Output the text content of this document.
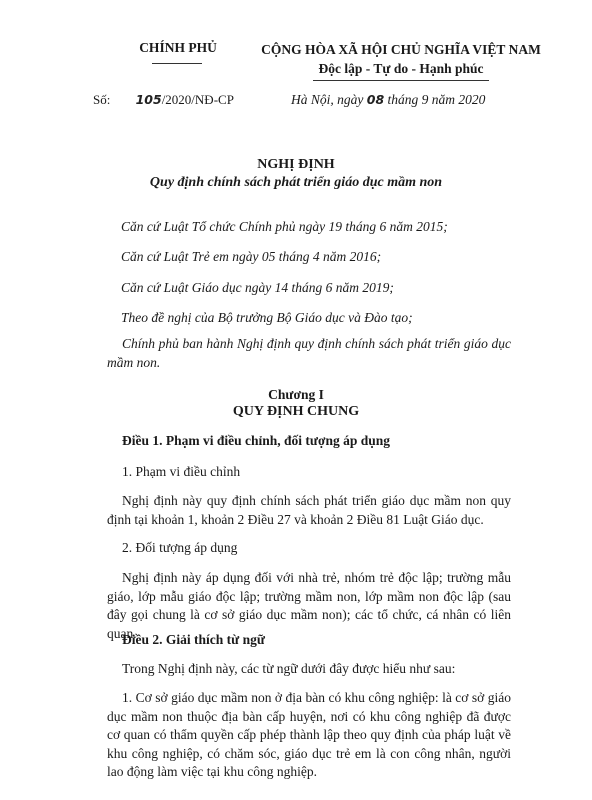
CHÍNH PHỦ	CỘNG HÒA XÃ HỘI CHỦ NGHĨA VIỆT NAM
Độc lập - Tự do - Hạnh phúc
Số: 105/2020/NĐ-CP	Hà Nội, ngày 08 tháng 9 năm 2020
NGHỊ ĐỊNH
Quy định chính sách phát triển giáo dục mầm non
Căn cứ Luật Tổ chức Chính phủ ngày 19 tháng 6 năm 2015;
Căn cứ Luật Trẻ em ngày 05 tháng 4 năm 2016;
Căn cứ Luật Giáo dục ngày 14 tháng 6 năm 2019;
Theo đề nghị của Bộ trưởng Bộ Giáo dục và Đào tạo;
Chính phủ ban hành Nghị định quy định chính sách phát triển giáo dục mầm non.
Chương I
QUY ĐỊNH CHUNG
Điều 1. Phạm vi điều chỉnh, đối tượng áp dụng
1. Phạm vi điều chỉnh
Nghị định này quy định chính sách phát triển giáo dục mầm non quy định tại khoản 1, khoản 2 Điều 27 và khoản 2 Điều 81 Luật Giáo dục.
2. Đối tượng áp dụng
Nghị định này áp dụng đối với nhà trẻ, nhóm trẻ độc lập; trường mẫu giáo, lớp mẫu giáo độc lập; trường mầm non, lớp mầm non độc lập (sau đây gọi chung là cơ sở giáo dục mầm non); các tổ chức, cá nhân có liên quan.
Điều 2. Giải thích từ ngữ
Trong Nghị định này, các từ ngữ dưới đây được hiểu như sau:
1. Cơ sở giáo dục mầm non ở địa bàn có khu công nghiệp: là cơ sở giáo dục mầm non thuộc địa bàn cấp huyện, nơi có khu công nghiệp đã được cơ quan có thẩm quyền cấp phép thành lập theo quy định của pháp luật về khu công nghiệp, có chăm sóc, giáo dục trẻ em là con công nhân, người lao động làm việc tại khu công nghiệp.
